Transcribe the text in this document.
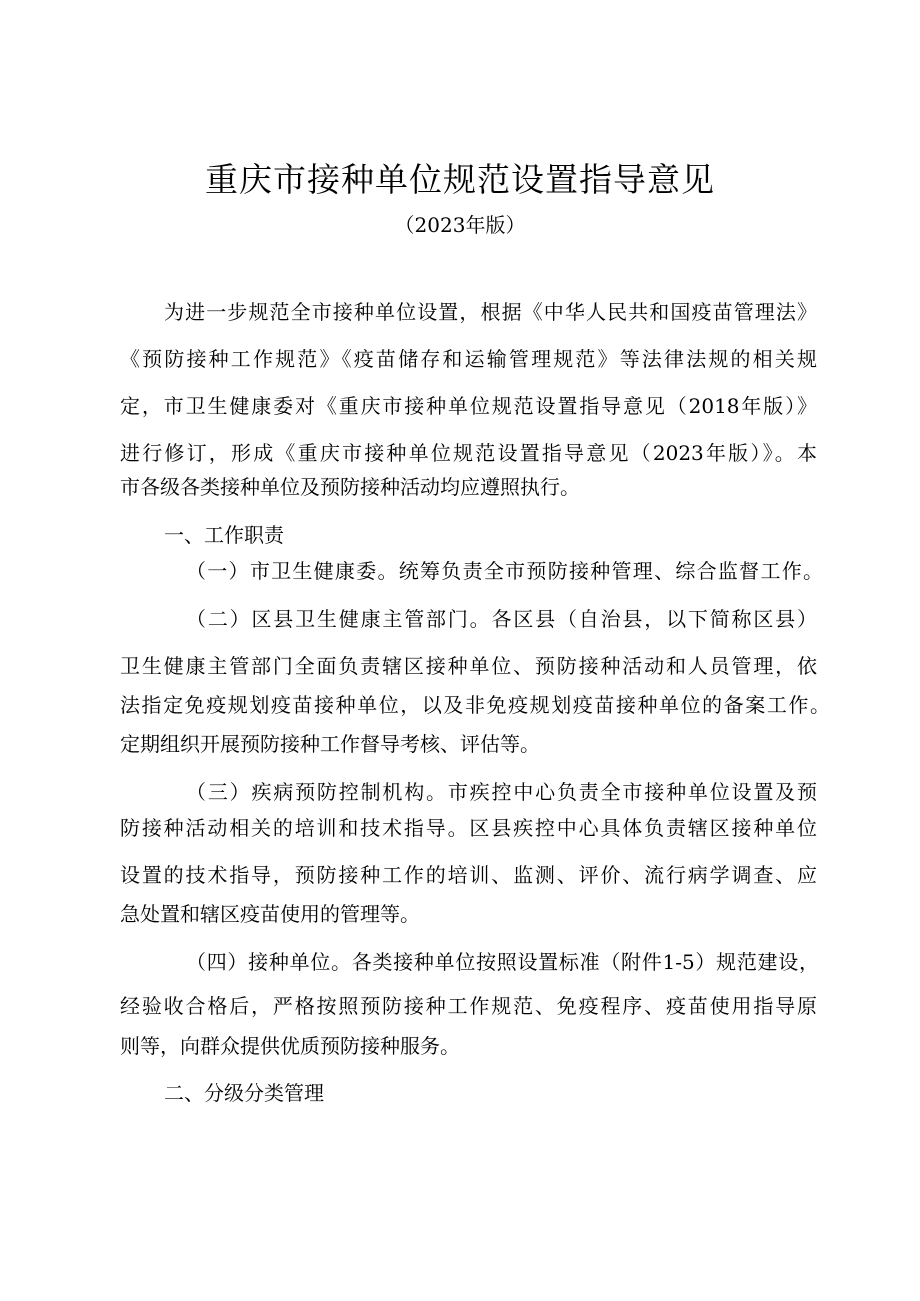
重庆市接种单位规范设置指导意见
（2023年版）
为进一步规范全市接种单位设置，根据《中华人民共和国疫苗管理法》
《预防接种工作规范》《疫苗储存和运输管理规范》等法律法规的相关规
定，市卫生健康委对《重庆市接种单位规范设置指导意见（2018年版）》
进行修订，形成《重庆市接种单位规范设置指导意见（2023年版）》。本
市各级各类接种单位及预防接种活动均应遵照执行。
一、工作职责
（一）市卫生健康委。统筹负责全市预防接种管理、综合监督工作。
（二）区县卫生健康主管部门。各区县（自治县，以下简称区县）
卫生健康主管部门全面负责辖区接种单位、预防接种活动和人员管理，依
法指定免疫规划疫苗接种单位，以及非免疫规划疫苗接种单位的备案工作。
定期组织开展预防接种工作督导考核、评估等。
（三）疾病预防控制机构。市疾控中心负责全市接种单位设置及预
防接种活动相关的培训和技术指导。区县疾控中心具体负责辖区接种单位
设置的技术指导，预防接种工作的培训、监测、评价、流行病学调查、应
急处置和辖区疫苗使用的管理等。
（四）接种单位。各类接种单位按照设置标准（附件1-5）规范建设，
经验收合格后，严格按照预防接种工作规范、免疫程序、疫苗使用指导原
则等，向群众提供优质预防接种服务。
二、分级分类管理
